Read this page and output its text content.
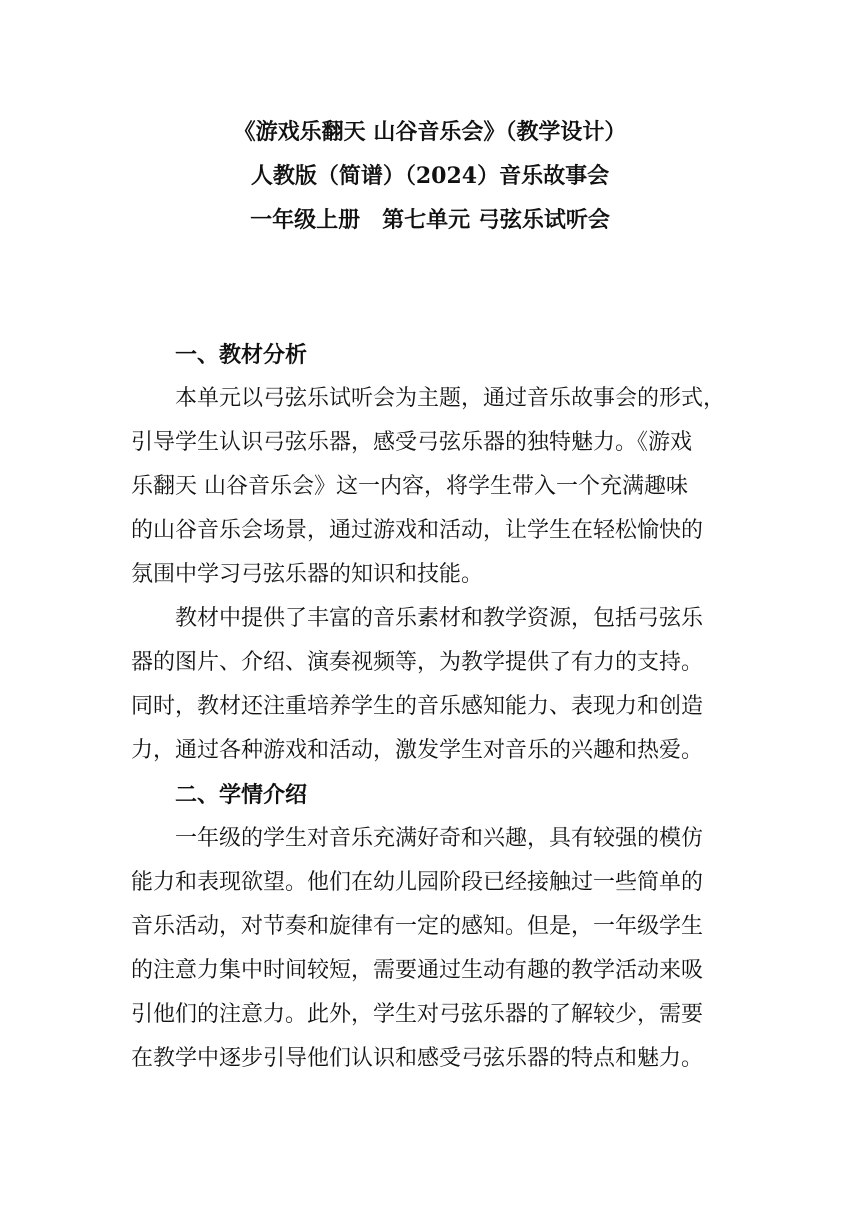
《游戏乐翻天 山谷音乐会》（教学设计）
人教版（简谱）（2024）音乐故事会
一年级上册　第七单元 弓弦乐试听会
一、教材分析
本单元以弓弦乐试听会为主题，通过音乐故事会的形式，
引导学生认识弓弦乐器，感受弓弦乐器的独特魅力。《游戏
乐翻天 山谷音乐会》这一内容，将学生带入一个充满趣味
的山谷音乐会场景，通过游戏和活动，让学生在轻松愉快的
氛围中学习弓弦乐器的知识和技能。
教材中提供了丰富的音乐素材和教学资源，包括弓弦乐
器的图片、介绍、演奏视频等，为教学提供了有力的支持。
同时，教材还注重培养学生的音乐感知能力、表现力和创造
力，通过各种游戏和活动，激发学生对音乐的兴趣和热爱。
二、学情介绍
一年级的学生对音乐充满好奇和兴趣，具有较强的模仿
能力和表现欲望。他们在幼儿园阶段已经接触过一些简单的
音乐活动，对节奏和旋律有一定的感知。但是，一年级学生
的注意力集中时间较短，需要通过生动有趣的教学活动来吸
引他们的注意力。此外，学生对弓弦乐器的了解较少，需要
在教学中逐步引导他们认识和感受弓弦乐器的特点和魅力。
